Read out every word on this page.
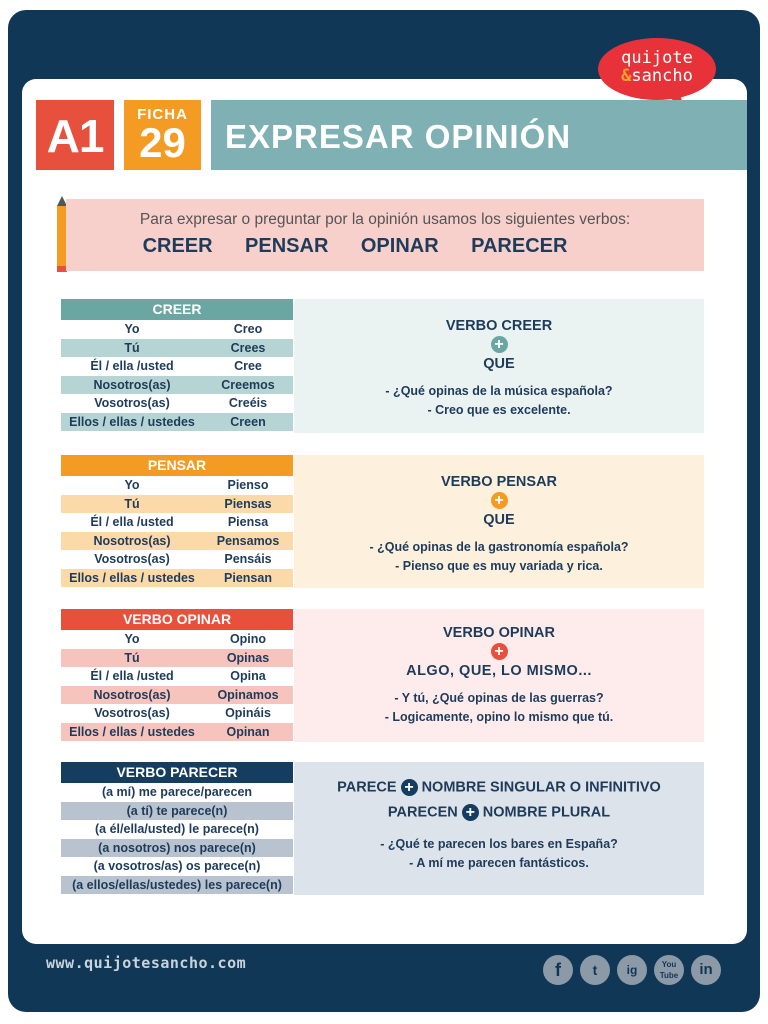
quijote
&sancho
A1	FICHA
29	EXPRESAR OPINIÓN
Para expresar o preguntar por la opinión usamos los siguientes verbos:
CREER PENSAR OPINAR PARECER
CREER
Yo	Creo
Tú	Crees
Él / ella /usted	Cree
Nosotros(as)	Creemos
Vosotros(as)	Creéis
Ellos / ellas / ustedes	Creen
VERBO CREER
+
QUE
- ¿Qué opinas de la música española?
- Creo que es excelente.
PENSAR
Yo	Pienso
Tú	Piensas
Él / ella /usted	Piensa
Nosotros(as)	Pensamos
Vosotros(as)	Pensáis
Ellos / ellas / ustedes	Piensan
VERBO PENSAR
+
QUE
- ¿Qué opinas de la gastronomía española?
- Pienso que es muy variada y rica.
VERBO OPINAR
Yo	Opino
Tú	Opinas
Él / ella /usted	Opina
Nosotros(as)	Opinamos
Vosotros(as)	Opináis
Ellos / ellas / ustedes	Opinan
VERBO OPINAR
+
ALGO, QUE, LO MISMO...
- Y tú, ¿Qué opinas de las guerras?
- Logicamente, opino lo mismo que tú.
VERBO PARECER
(a mí) me parece/parecen
(a tí) te parece(n)
(a él/ella/usted) le parece(n)
(a nosotros) nos parece(n)
(a vosotros/as) os parece(n)
(a ellos/ellas/ustedes) les parece(n)
PARECE + NOMBRE SINGULAR O INFINITIVO
PARECEN + NOMBRE PLURAL
- ¿Qué te parecen los bares en España?
- A mí me parecen fantásticos.
www.quijotesancho.com	f	t	ig	You Tube	in
